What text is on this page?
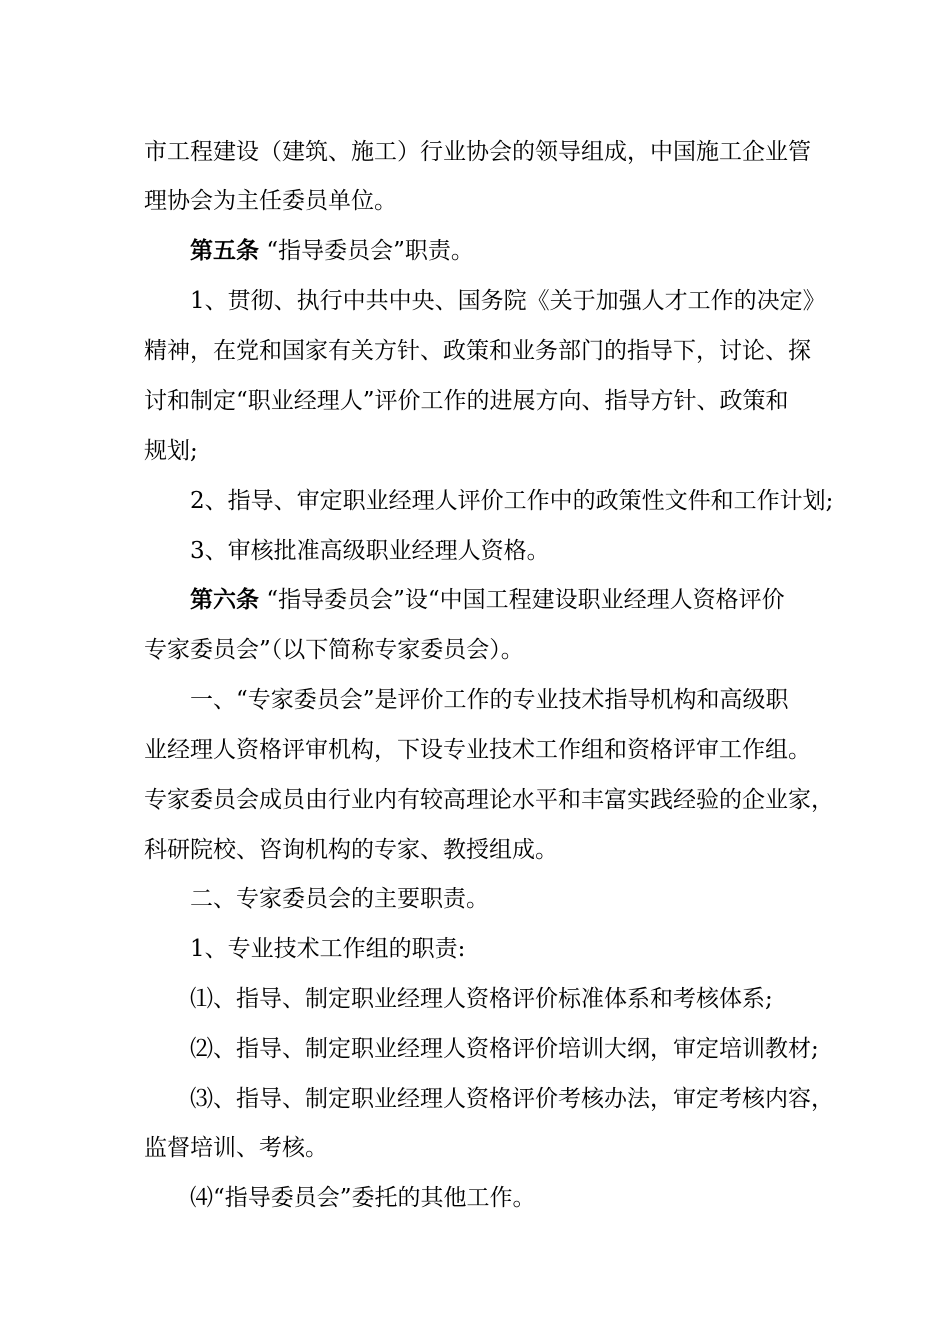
市工程建设（建筑、施工）行业协会的领导组成，中国施工企业管
理协会为主任委员单位。
第五条 “指导委员会”职责。
1、贯彻、执行中共中央、国务院《关于加强人才工作的决定》
精神，在党和国家有关方针、政策和业务部门的指导下，讨论、探
讨和制定“职业经理人”评价工作的进展方向、指导方针、政策和
规划;
2、指导、审定职业经理人评价工作中的政策性文件和工作计划;
3、审核批准高级职业经理人资格。
第六条 “指导委员会”设“中国工程建设职业经理人资格评价
专家委员会”（以下简称专家委员会）。
一、“专家委员会”是评价工作的专业技术指导机构和高级职
业经理人资格评审机构，下设专业技术工作组和资格评审工作组。
专家委员会成员由行业内有较高理论水平和丰富实践经验的企业家，
科研院校、咨询机构的专家、教授组成。
二、专家委员会的主要职责。
1、专业技术工作组的职责:
⑴、指导、制定职业经理人资格评价标准体系和考核体系;
⑵、指导、制定职业经理人资格评价培训大纲，审定培训教材;
⑶、指导、制定职业经理人资格评价考核办法，审定考核内容，
监督培训、考核。
⑷“指导委员会”委托的其他工作。
